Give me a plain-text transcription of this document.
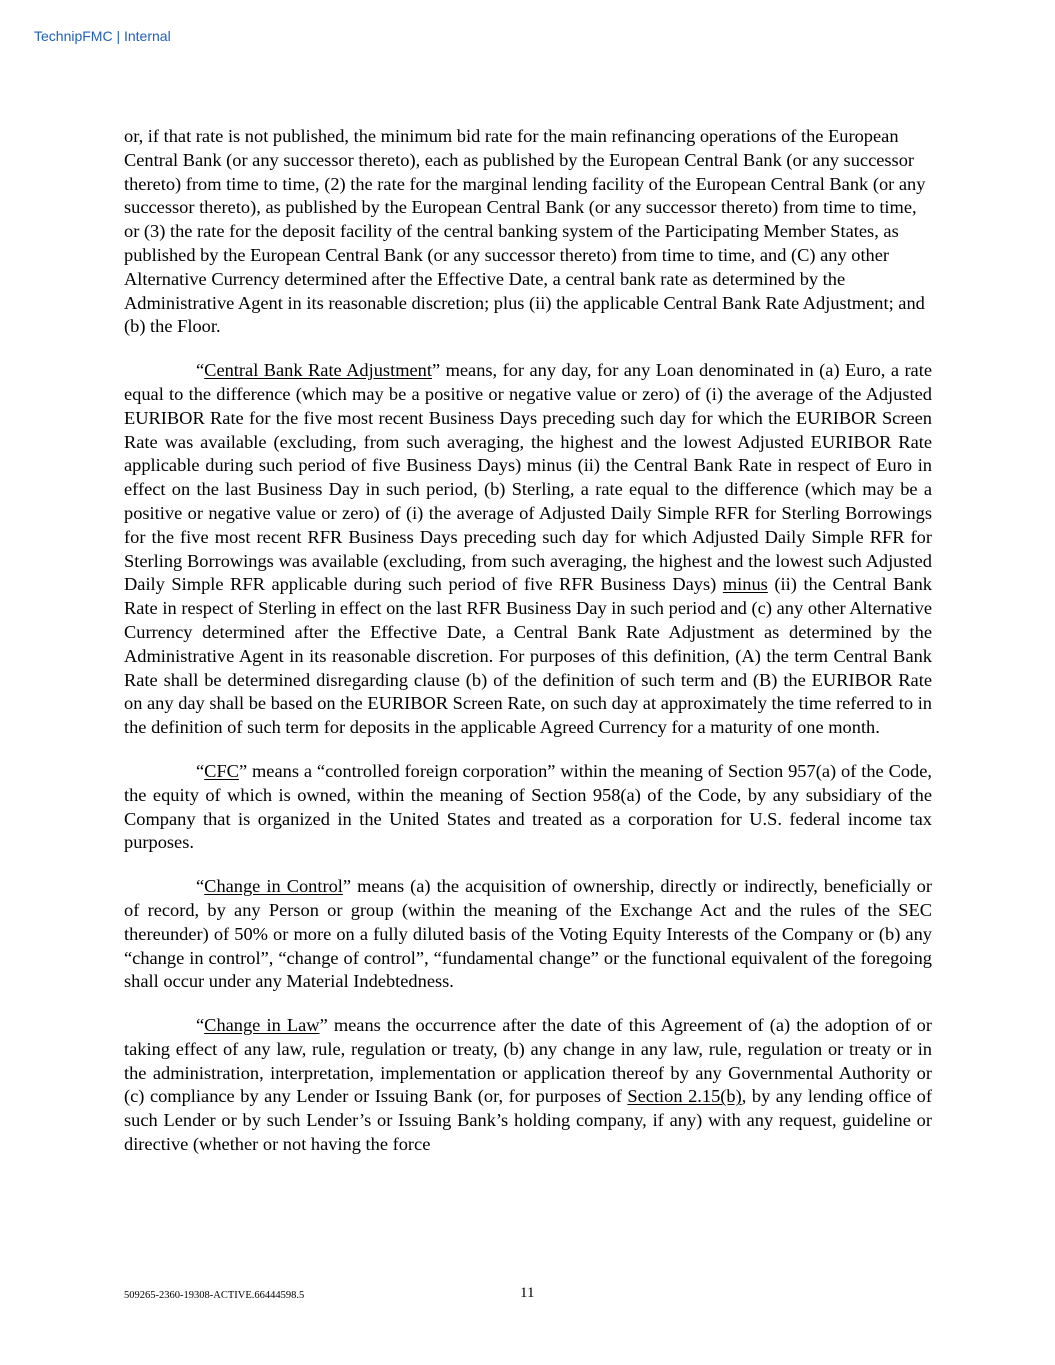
TechnipFMC | Internal

or, if that rate is not published, the minimum bid rate for the main refinancing operations of the European Central Bank (or any successor thereto), each as published by the European Central Bank (or any successor thereto) from time to time, (2) the rate for the marginal lending facility of the European Central Bank (or any successor thereto), as published by the European Central Bank (or any successor thereto) from time to time, or (3) the rate for the deposit facility of the central banking system of the Participating Member States, as published by the European Central Bank (or any successor thereto) from time to time, and (C) any other Alternative Currency determined after the Effective Date, a central bank rate as determined by the Administrative Agent in its reasonable discretion; plus (ii) the applicable Central Bank Rate Adjustment; and (b) the Floor.

“Central Bank Rate Adjustment” means, for any day, for any Loan denominated in (a) Euro, a rate equal to the difference (which may be a positive or negative value or zero) of (i) the average of the Adjusted EURIBOR Rate for the five most recent Business Days preceding such day for which the EURIBOR Screen Rate was available (excluding, from such averaging, the highest and the lowest Adjusted EURIBOR Rate applicable during such period of five Business Days) minus (ii) the Central Bank Rate in respect of Euro in effect on the last Business Day in such period, (b) Sterling, a rate equal to the difference (which may be a positive or negative value or zero) of (i) the average of Adjusted Daily Simple RFR for Sterling Borrowings for the five most recent RFR Business Days preceding such day for which Adjusted Daily Simple RFR for Sterling Borrowings was available (excluding, from such averaging, the highest and the lowest such Adjusted Daily Simple RFR applicable during such period of five RFR Business Days) minus (ii) the Central Bank Rate in respect of Sterling in effect on the last RFR Business Day in such period and (c) any other Alternative Currency determined after the Effective Date, a Central Bank Rate Adjustment as determined by the Administrative Agent in its reasonable discretion. For purposes of this definition, (A) the term Central Bank Rate shall be determined disregarding clause (b) of the definition of such term and (B) the EURIBOR Rate on any day shall be based on the EURIBOR Screen Rate, on such day at approximately the time referred to in the definition of such term for deposits in the applicable Agreed Currency for a maturity of one month.

“CFC” means a “controlled foreign corporation” within the meaning of Section 957(a) of the Code, the equity of which is owned, within the meaning of Section 958(a) of the Code, by any subsidiary of the Company that is organized in the United States and treated as a corporation for U.S. federal income tax purposes.

“Change in Control” means (a) the acquisition of ownership, directly or indirectly, beneficially or of record, by any Person or group (within the meaning of the Exchange Act and the rules of the SEC thereunder) of 50% or more on a fully diluted basis of the Voting Equity Interests of the Company or (b) any “change in control”, “change of control”, “fundamental change” or the functional equivalent of the foregoing shall occur under any Material Indebtedness.

“Change in Law” means the occurrence after the date of this Agreement of (a) the adoption of or taking effect of any law, rule, regulation or treaty, (b) any change in any law, rule, regulation or treaty or in the administration, interpretation, implementation or application thereof by any Governmental Authority or (c) compliance by any Lender or Issuing Bank (or, for purposes of Section 2.15(b), by any lending office of such Lender or by such Lender’s or Issuing Bank’s holding company, if any) with any request, guideline or directive (whether or not having the force

509265-2360-19308-ACTIVE.66444598.5	11
